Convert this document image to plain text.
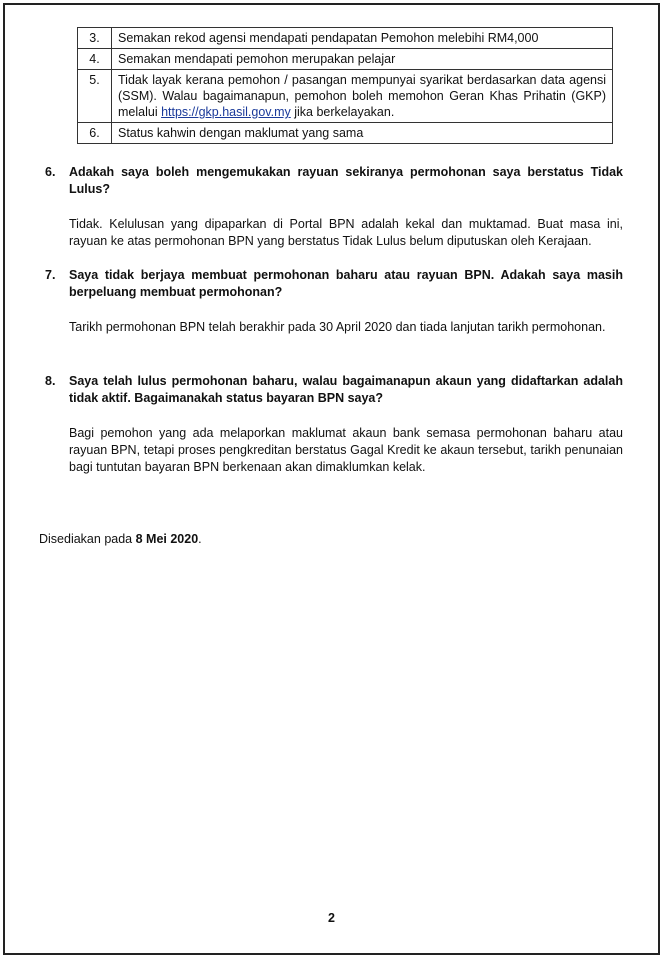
3.	Semakan rekod agensi mendapati pendapatan Pemohon melebihi RM4,000
4.	Semakan mendapati pemohon merupakan pelajar
5.	Tidak layak kerana pemohon / pasangan mempunyai syarikat berdasarkan data agensi (SSM). Walau bagaimanapun, pemohon boleh memohon Geran Khas Prihatin (GKP) melalui https://gkp.hasil.gov.my jika berkelayakan.
6.	Status kahwin dengan maklumat yang sama
6.	Adakah saya boleh mengemukakan rayuan sekiranya permohonan saya berstatus Tidak Lulus?
Tidak. Kelulusan yang dipaparkan di Portal BPN adalah kekal dan muktamad. Buat masa ini, rayuan ke atas permohonan BPN yang berstatus Tidak Lulus belum diputuskan oleh Kerajaan.
7.	Saya tidak berjaya membuat permohonan baharu atau rayuan BPN. Adakah saya masih berpeluang membuat permohonan?
Tarikh permohonan BPN telah berakhir pada 30 April 2020 dan tiada lanjutan tarikh permohonan.
8.	Saya telah lulus permohonan baharu, walau bagaimanapun akaun yang didaftarkan adalah tidak aktif. Bagaimanakah status bayaran BPN saya?
Bagi pemohon yang ada melaporkan maklumat akaun bank semasa permohonan baharu atau rayuan BPN, tetapi proses pengkreditan berstatus Gagal Kredit ke akaun tersebut, tarikh penunaian bagi tuntutan bayaran BPN berkenaan akan dimaklumkan kelak.
Disediakan pada 8 Mei 2020.
2
